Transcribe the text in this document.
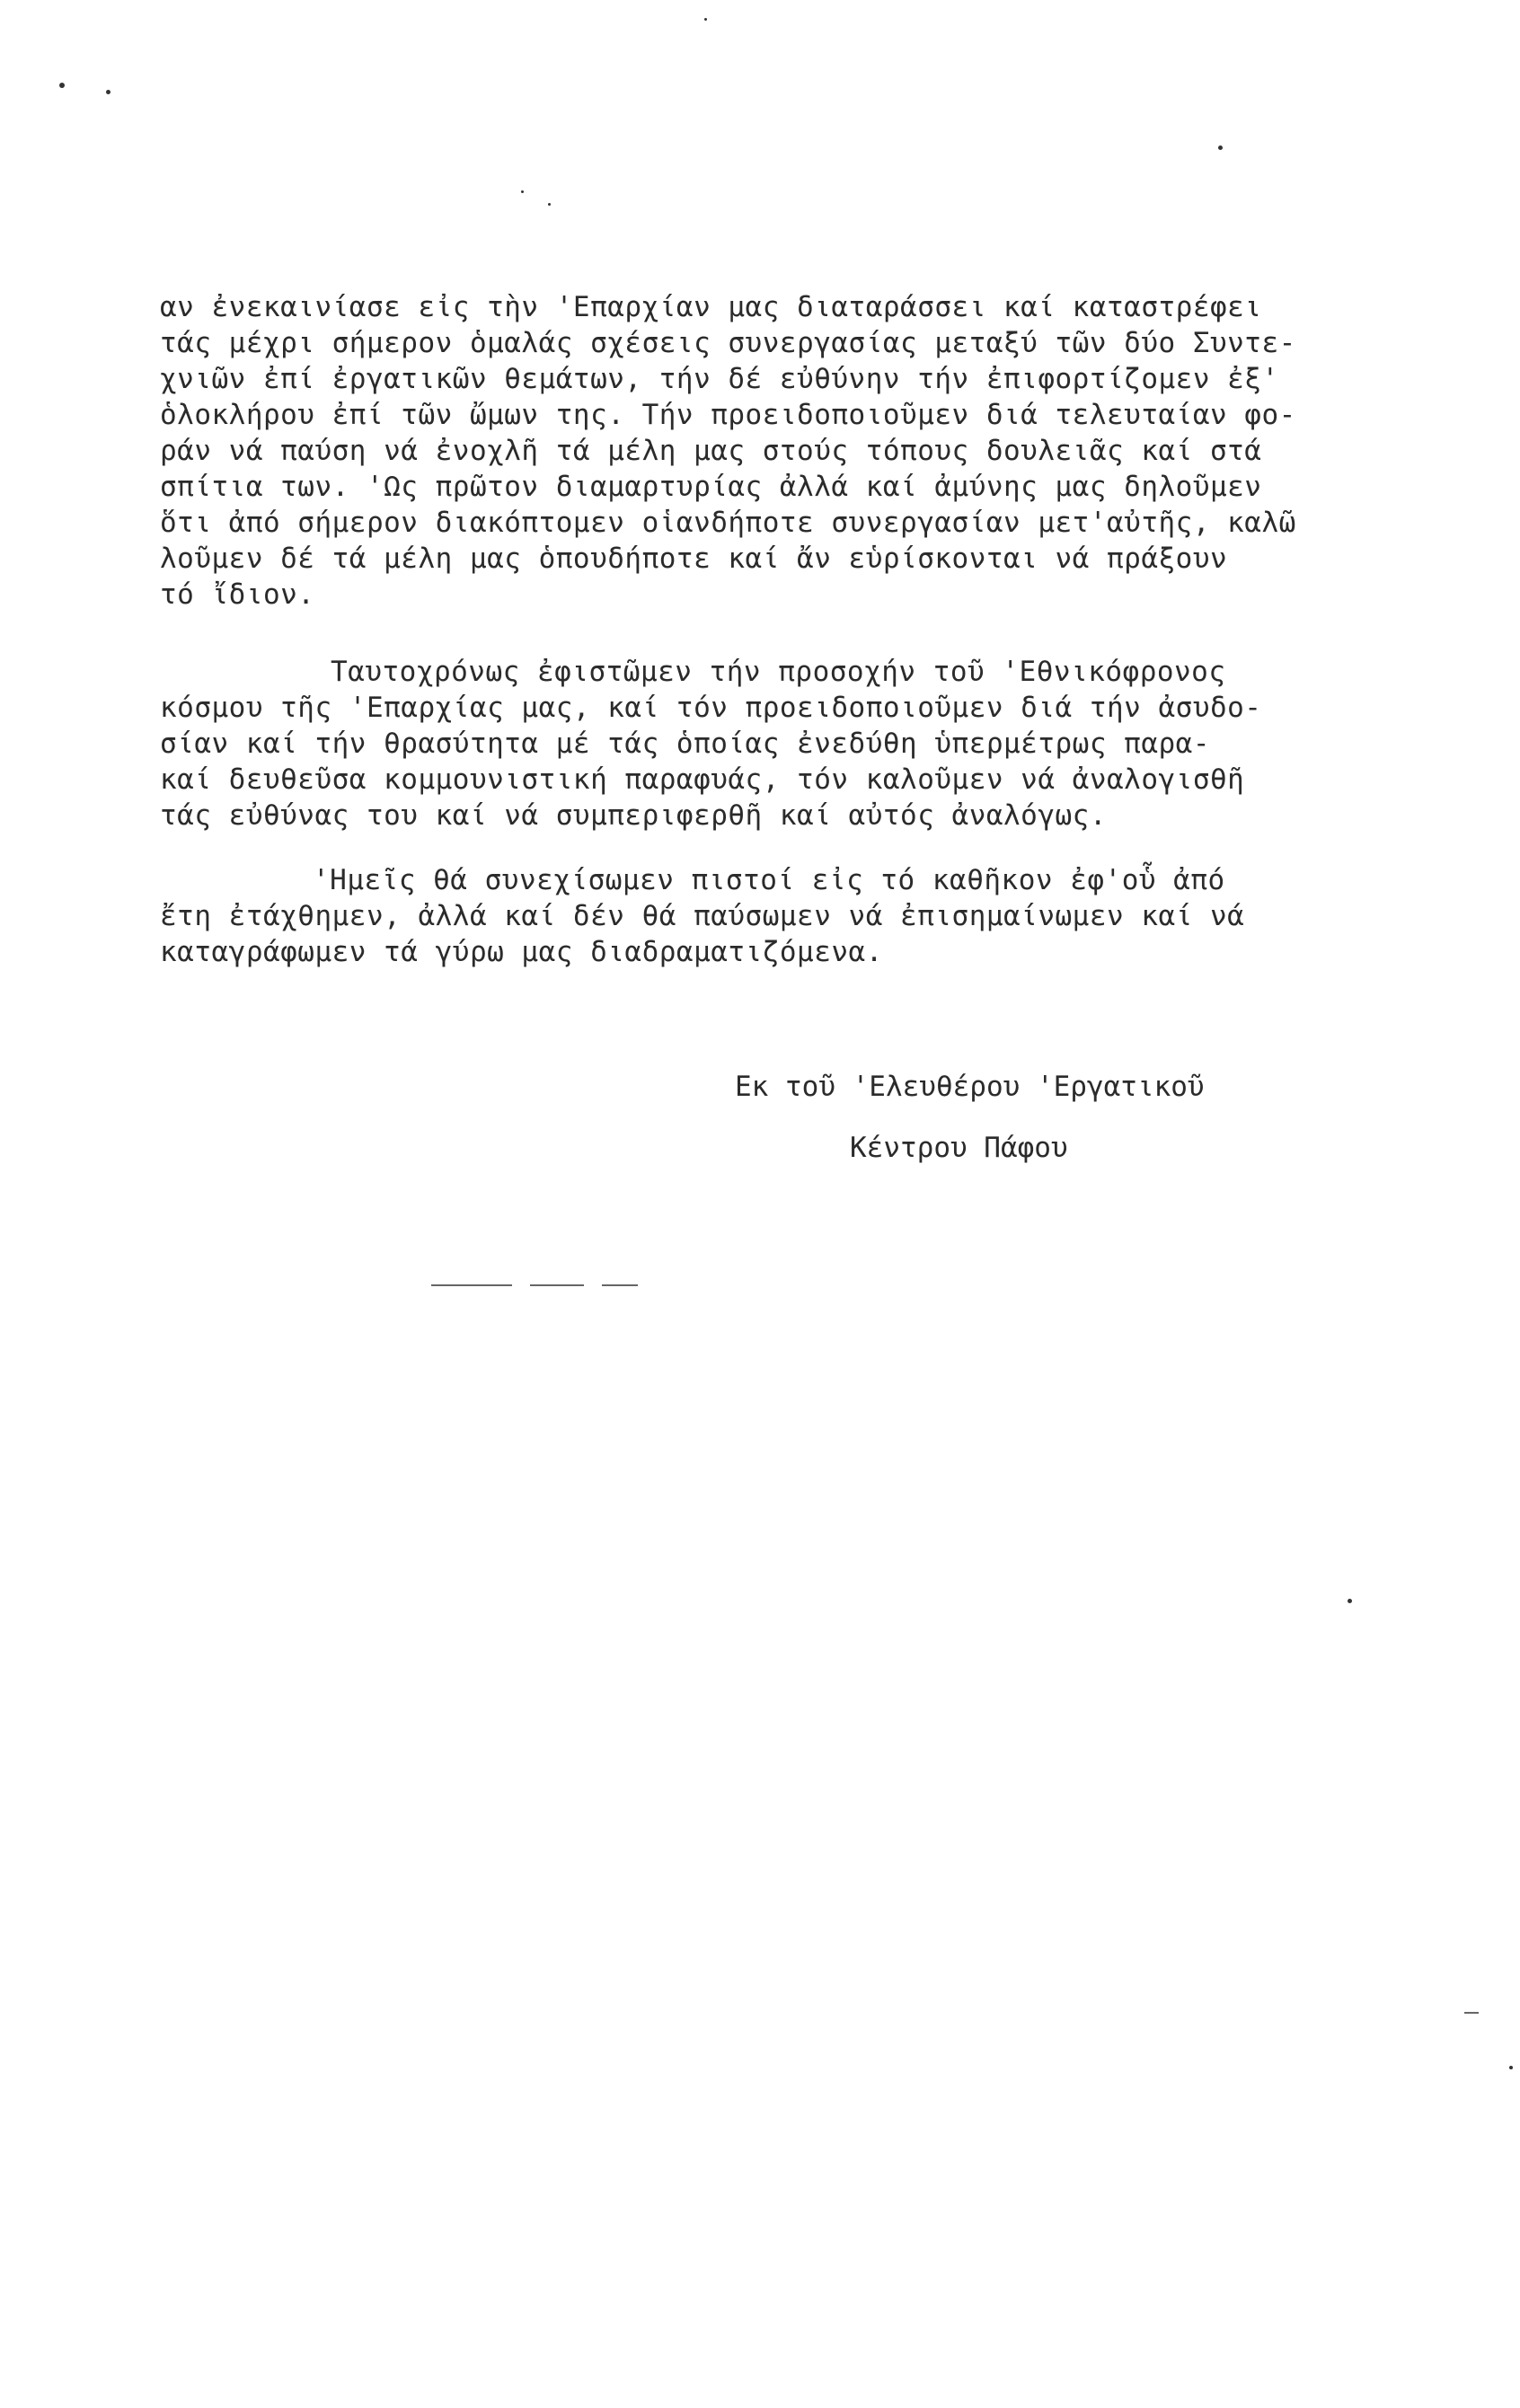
αν ἐνεκαινίασε εἰς τὴν 'Επαρχίαν μας διαταράσσει καί καταστρέφει
τάς μέχρι σήμερον ὁμαλάς σχέσεις συνεργασίας μεταξύ τῶν δύο Συντε-
χνιῶν ἐπί ἐργατικῶν θεμάτων, τήν δέ εὐθύνην τήν ἐπιφορτίζομεν ἐξ'
ὁλοκλήρου ἐπί τῶν ὤμων της. Τήν προειδοποιοῦμεν διά τελευταίαν φο-
ράν νά παύση νά ἐνοχλῆ τά μέλη μας στούς τόπους δουλειᾶς καί στά
σπίτια των. 'Ως πρῶτον διαμαρτυρίας ἀλλά καί ἀμύνης μας δηλοῦμεν
ὅτι ἀπό σήμερον διακόπτομεν οἱανδήποτε συνεργασίαν μετ'αὐτῆς, καλῶ
λοῦμεν δέ τά μέλη μας ὁπουδήποτε καί ἄν εὑρίσκονται νά πράξουν
τό ἴδιον.
Ταυτοχρόνως ἐφιστῶμεν τήν προσοχήν τοῦ 'Εθνικόφρονος
κόσμου τῆς 'Επαρχίας μας, καί τόν προειδοποιοῦμεν διά τήν ἀσυδο-
σίαν καί τήν θρασύτητα μέ τάς ὁποίας ἐνεδύθη ὑπερμέτρως παρα-
καί δευθεῦσα κομμουνιστική παραφυάς, τόν καλοῦμεν νά ἀναλογισθῆ
τάς εὐθύνας του καί νά συμπεριφερθῆ καί αὐτός ἀναλόγως.
'Ημεῖς θά συνεχίσωμεν πιστοί εἰς τό καθῆκον ἐφ'οὗ ἀπό
ἔτη ἐτάχθημεν, ἀλλά καί δέν θά παύσωμεν νά ἐπισημαίνωμεν καί νά
καταγράφωμεν τά γύρω μας διαδραματιζόμενα.
Εκ τοῦ 'Ελευθέρου 'Εργατικοῦ
Κέντρου Πάφου
